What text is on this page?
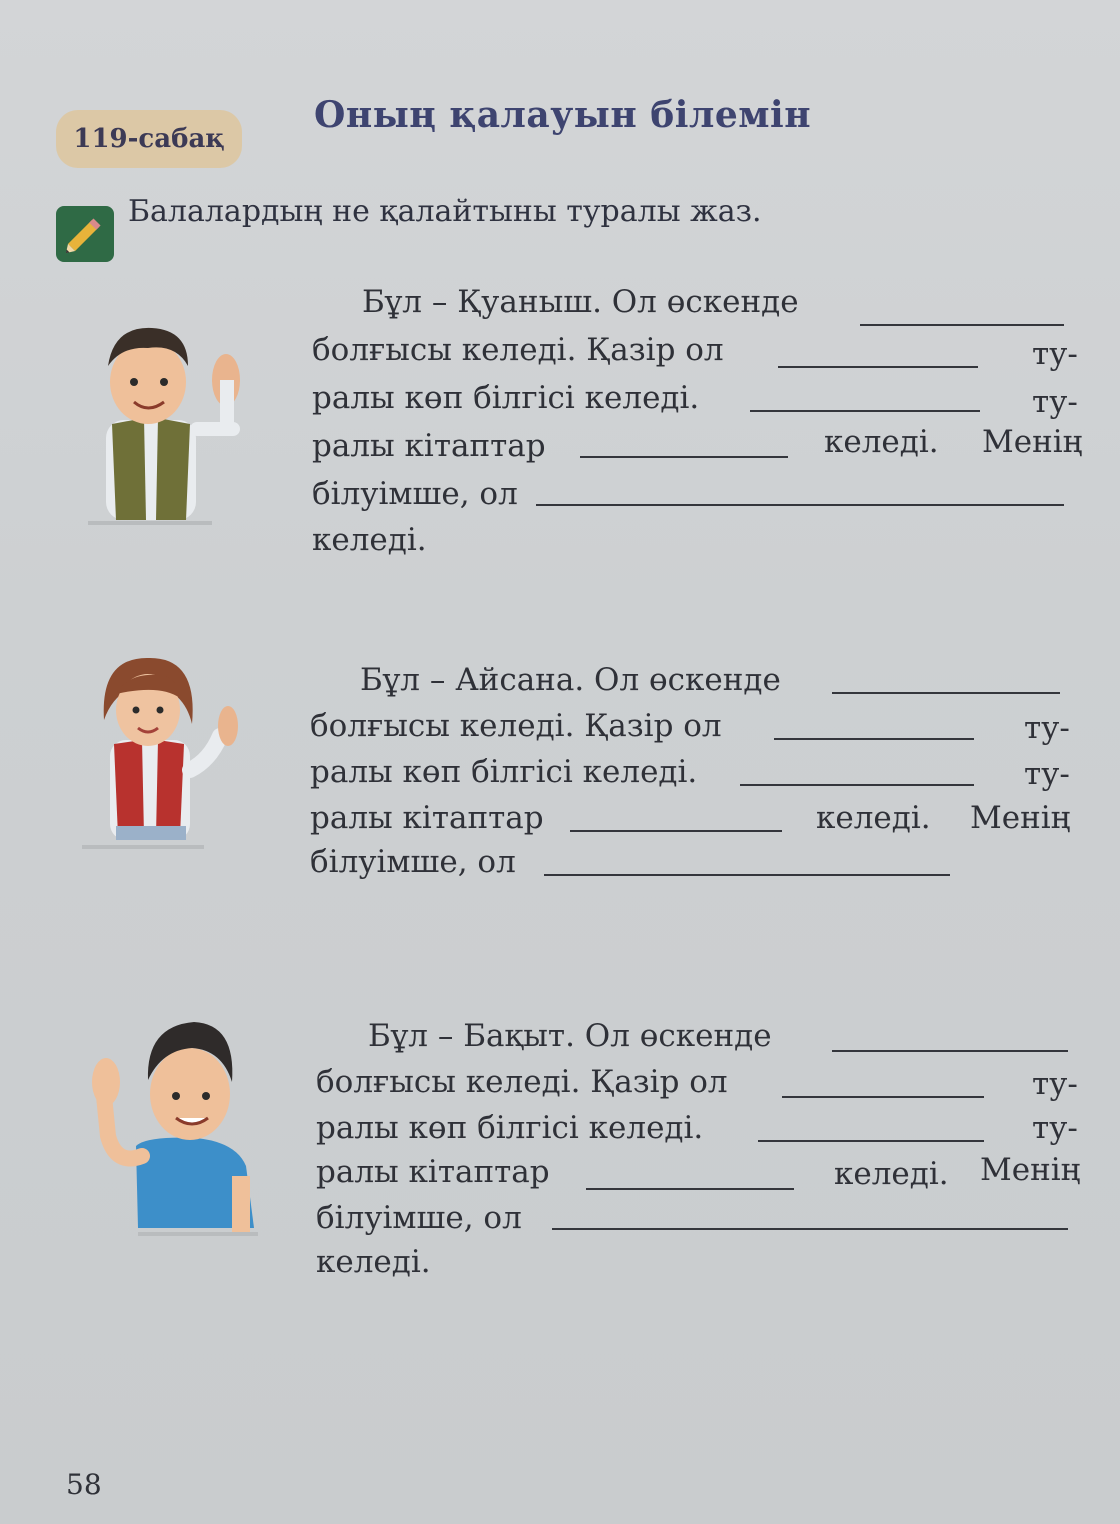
119-сабақ
Оның қалауын білемін
Балалардың не қалайтыны туралы жаз.
Бұл – Қуаныш. Ол өскенде
болғысы келеді. Қазір ол	ту-
ралы көп білгісі келеді.	ту-
ралы кітаптар	келеді. Менің
білуімше, ол
келеді.
Бұл – Айсана. Ол өскенде
болғысы келеді. Қазір ол	ту-
ралы көп білгісі келеді.	ту-
ралы кітаптар	келеді. Менің
білуімше, ол
Бұл – Бақыт. Ол өскенде
болғысы келеді. Қазір ол	ту-
ралы көп білгісі келеді.	ту-
ралы кітаптар	келеді. Менің
білуімше, ол
келеді.
58
